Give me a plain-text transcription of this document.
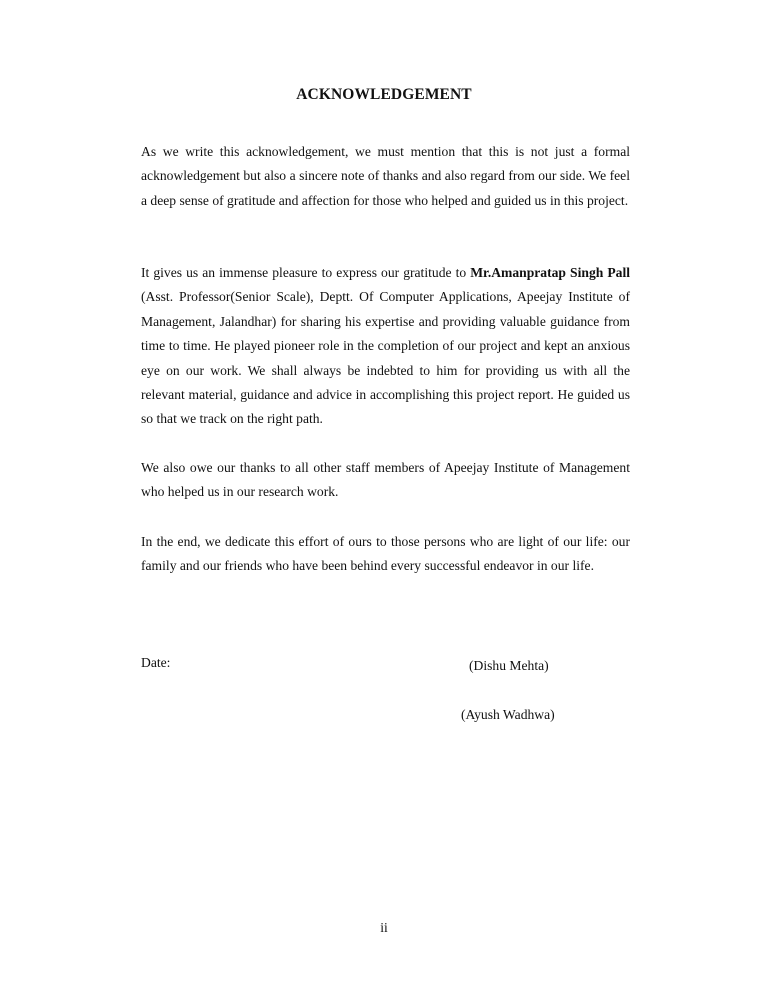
ACKNOWLEDGEMENT
As we write this acknowledgement, we must mention that this is not just a formal acknowledgement but also a sincere note of thanks and also regard from our side. We feel a deep sense of gratitude and affection for those who helped and guided us in this project.
It gives us an immense pleasure to express our gratitude to Mr.Amanpratap Singh Pall (Asst. Professor(Senior Scale), Deptt. Of Computer Applications, Apeejay Institute of Management, Jalandhar) for sharing his expertise and providing valuable guidance from time to time. He played pioneer role in the completion of our project and kept an anxious eye on our work. We shall always be indebted to him for providing us with all the relevant material, guidance and advice in accomplishing this project report. He guided us so that we track on the right path.
We also owe our thanks to all other staff members of Apeejay Institute of Management who helped us in our research work.
In the end, we dedicate this effort of ours to those persons who are light of our life: our family and our friends who have been behind every successful endeavor in our life.
Date:	(Dishu Mehta)
(Ayush Wadhwa)
ii
